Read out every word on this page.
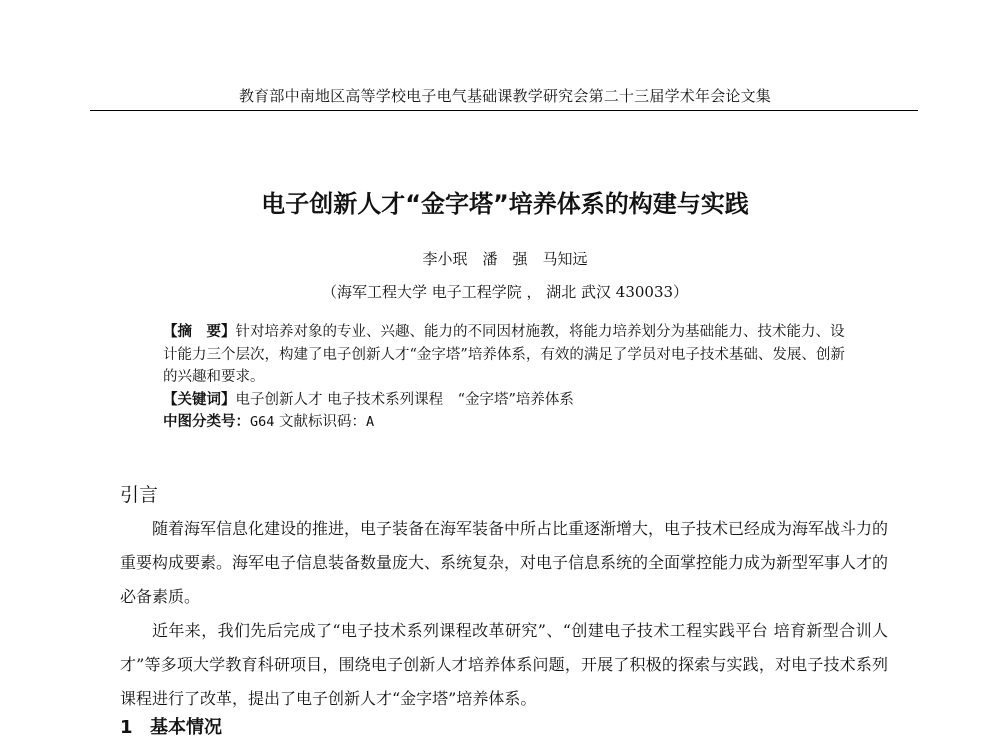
教育部中南地区高等学校电子电气基础课教学研究会第二十三届学术年会论文集
电子创新人才“金字塔”培养体系的构建与实践
李小珉　潘　强　马知远
（海军工程大学 电子工程学院 ， 湖北 武汉 430033）

【摘　要】针对培养对象的专业、兴趣、能力的不同因材施教，将能力培养划分为基础能力、技术能力、设计能力三个层次，构建了电子创新人才“金字塔”培养体系，有效的满足了学员对电子技术基础、发展、创新的兴趣和要求。

【关键词】电子创新人才 电子技术系列课程　“金字塔”培养体系

中图分类号：G64 文献标识码：A

引言

随着海军信息化建设的推进，电子装备在海军装备中所占比重逐渐增大，电子技术已经成为海军战斗力的重要构成要素。海军电子信息装备数量庞大、系统复杂，对电子信息系统的全面掌控能力成为新型军事人才的必备素质。

近年来，我们先后完成了“电子技术系列课程改革研究”、“创建电子技术工程实践平台 培育新型合训人才”等多项大学教育科研项目，围绕电子创新人才培养体系问题，开展了积极的探索与实践，对电子技术系列课程进行了改革，提出了电子创新人才“金字塔”培养体系。

1 基本情况
